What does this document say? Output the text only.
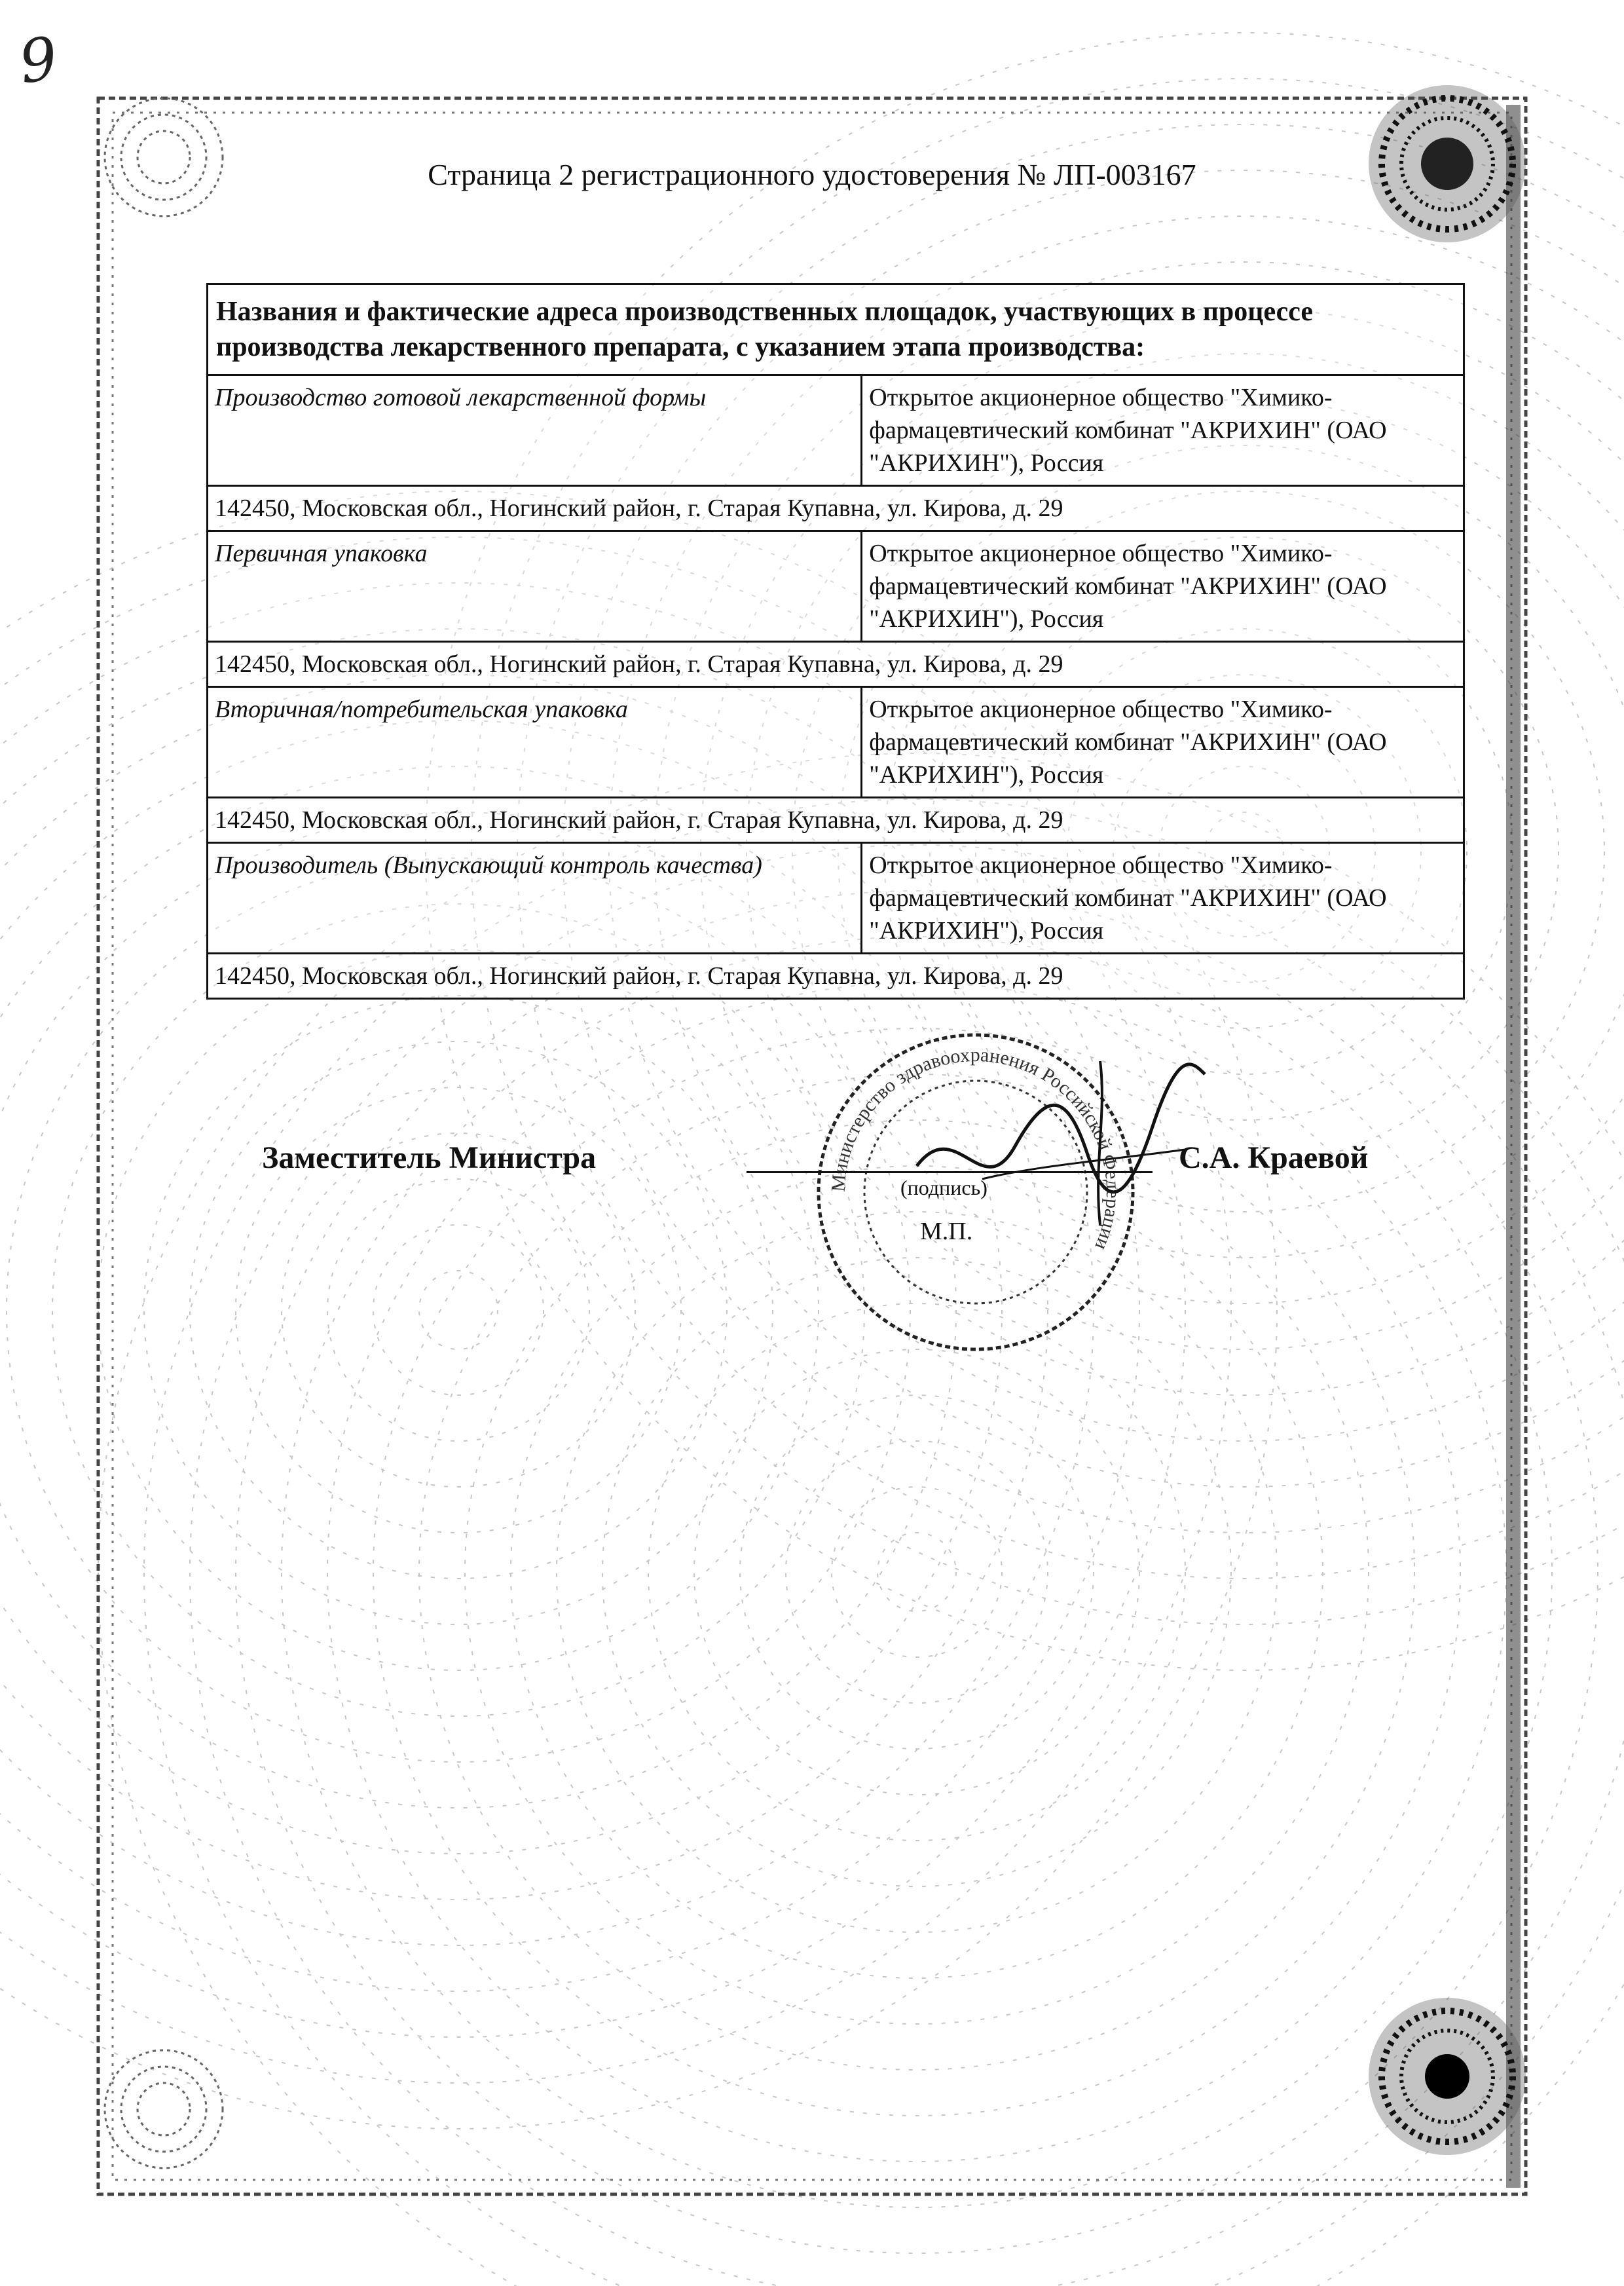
9
Страница 2 регистрационного удостоверения № ЛП-003167
Названия и фактические адреса производственных площадок, участвующих в процессе производства лекарственного препарата, с указанием этапа производства:	
Производство готовой лекарственной формы	Открытое акционерное общество "Химико-фармацевтический комбинат "АКРИХИН" (ОАО "АКРИХИН"), Россия
142450, Московская обл., Ногинский район, г. Старая Купавна, ул. Кирова, д. 29	
Первичная упаковка	Открытое акционерное общество "Химико-фармацевтический комбинат "АКРИХИН" (ОАО "АКРИХИН"), Россия
142450, Московская обл., Ногинский район, г. Старая Купавна, ул. Кирова, д. 29	
Вторичная/потребительская упаковка	Открытое акционерное общество "Химико-фармацевтический комбинат "АКРИХИН" (ОАО "АКРИХИН"), Россия
142450, Московская обл., Ногинский район, г. Старая Купавна, ул. Кирова, д. 29	
Производитель (Выпускающий контроль качества)	Открытое акционерное общество "Химико-фармацевтический комбинат "АКРИХИН" (ОАО "АКРИХИН"), Россия
142450, Московская обл., Ногинский район, г. Старая Купавна, ул. Кирова, д. 29	
Министерство здравоохранения Российской Федерации
Заместитель Министра	С.А. Краевой
(подпись)
М.П.
